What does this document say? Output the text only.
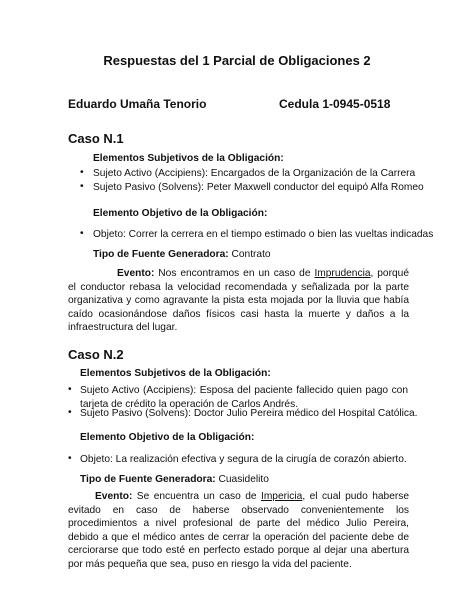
Respuestas del 1 Parcial de Obligaciones 2
Eduardo Umaña Tenorio	Cedula 1-0945-0518
Caso N.1
Elementos Subjetivos de la Obligación:
• Sujeto Activo (Accipiens): Encargados de la Organización de la Carrera
• Sujeto Pasivo (Solvens): Peter Maxwell conductor del equipó Alfa Romeo
Elemento Objetivo de la Obligación:
• Objeto: Correr la cerrera en el tiempo estimado o bien las vueltas indicadas
Tipo de Fuente Generadora: Contrato
Evento: Nos encontramos en un caso de Imprudencia, porqué el conductor rebasa la velocidad recomendada y señalizada por la parte organizativa y como agravante la pista esta mojada por la lluvia que había caído ocasionándose daños físicos casi hasta la muerte y daños a la infraestructura del lugar.
Caso N.2
Elementos Subjetivos de la Obligación:
• Sujeto Activo (Accipiens): Esposa del paciente fallecido quien pago con tarjeta de crédito la operación de Carlos Andrés.
• Sujeto Pasivo (Solvens): Doctor Julio Pereira médico del Hospital Católica.
Elemento Objetivo de la Obligación:
• Objeto: La realización efectiva y segura de la cirugía de corazón abierto.
Tipo de Fuente Generadora: Cuasidelito
Evento: Se encuentra un caso de Impericia, el cual pudo haberse evitado en caso de haberse observado convenientemente los procedimientos a nivel profesional de parte del médico Julio Pereira, debido a que el médico antes de cerrar la operación del paciente debe de cerciorarse que todo esté en perfecto estado porque al dejar una abertura por más pequeña que sea, puso en riesgo la vida del paciente.
